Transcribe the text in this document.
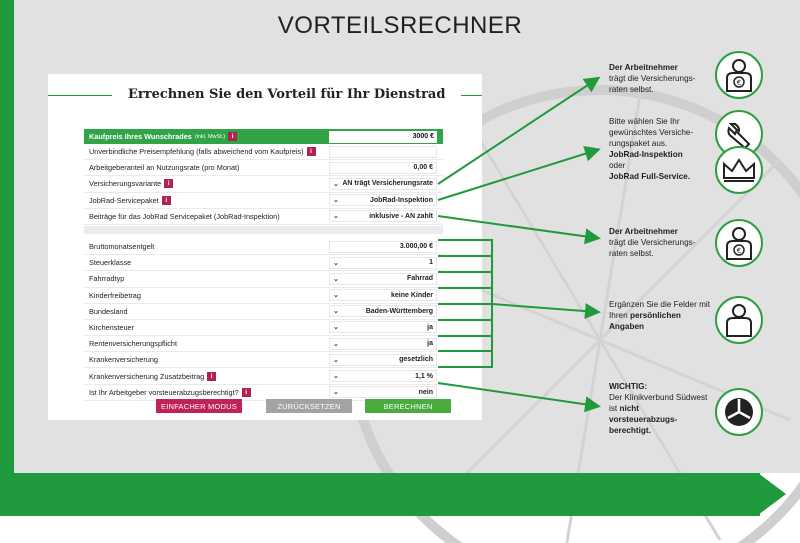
VORTEILSRECHNER
Errechnen Sie den Vorteil für Ihr Dienstrad
Kaufpreis Ihres Wunschrades (inkl. MwSt.)	i	3000 €
Unverbindliche Preisempfehlung (falls abweichend vom Kaufpreis)	i
Arbeitgeberanteil an Nutzungsrate (pro Monat)	0,00 €
Versicherungsvariante	i	⌄ AN trägt Versicherungsrate
JobRad-Servicepaket	i	⌄	JobRad-Inspektion
Beiträge für das JobRad Servicepaket (JobRad-Inspektion)	⌄	inklusive - AN zahlt
Bruttomonatsentgelt	3.000,00 €
Steuerklasse	⌄	1
Fahrradtyp	⌄	Fahrrad
Kinderfreibetrag	⌄	keine Kinder
Bundesland	⌄	Baden-Württemberg
Kirchensteuer	⌄	ja
Rentenversicherungspflicht	⌄	ja
Krankenversicherung	⌄	gesetzlich
Krankenversicherung Zusatzbeitrag	i	⌄	1,1 %
Ist Ihr Arbeitgeber vorsteuerabzugsberechtigt?	i	⌄	nein
EINFACHER MODUS	ZURÜCKSETZEN	BERECHNEN
Der Arbeitnehmer
trägt die Versicherungs-raten selbst.
Bitte wählen Sie Ihr gewünschtes Versiche-rungspaket aus.
JobRad-Inspektion
oder
JobRad Full-Service.
Der Arbeitnehmer
trägt die Versicherungs-raten selbst.
Ergänzen Sie die Felder mit Ihren persönlichen Angaben
WICHTIG:
Der Klinikverbund Südwest ist nicht vorsteuerabzugs-berechtigt.
€
€
